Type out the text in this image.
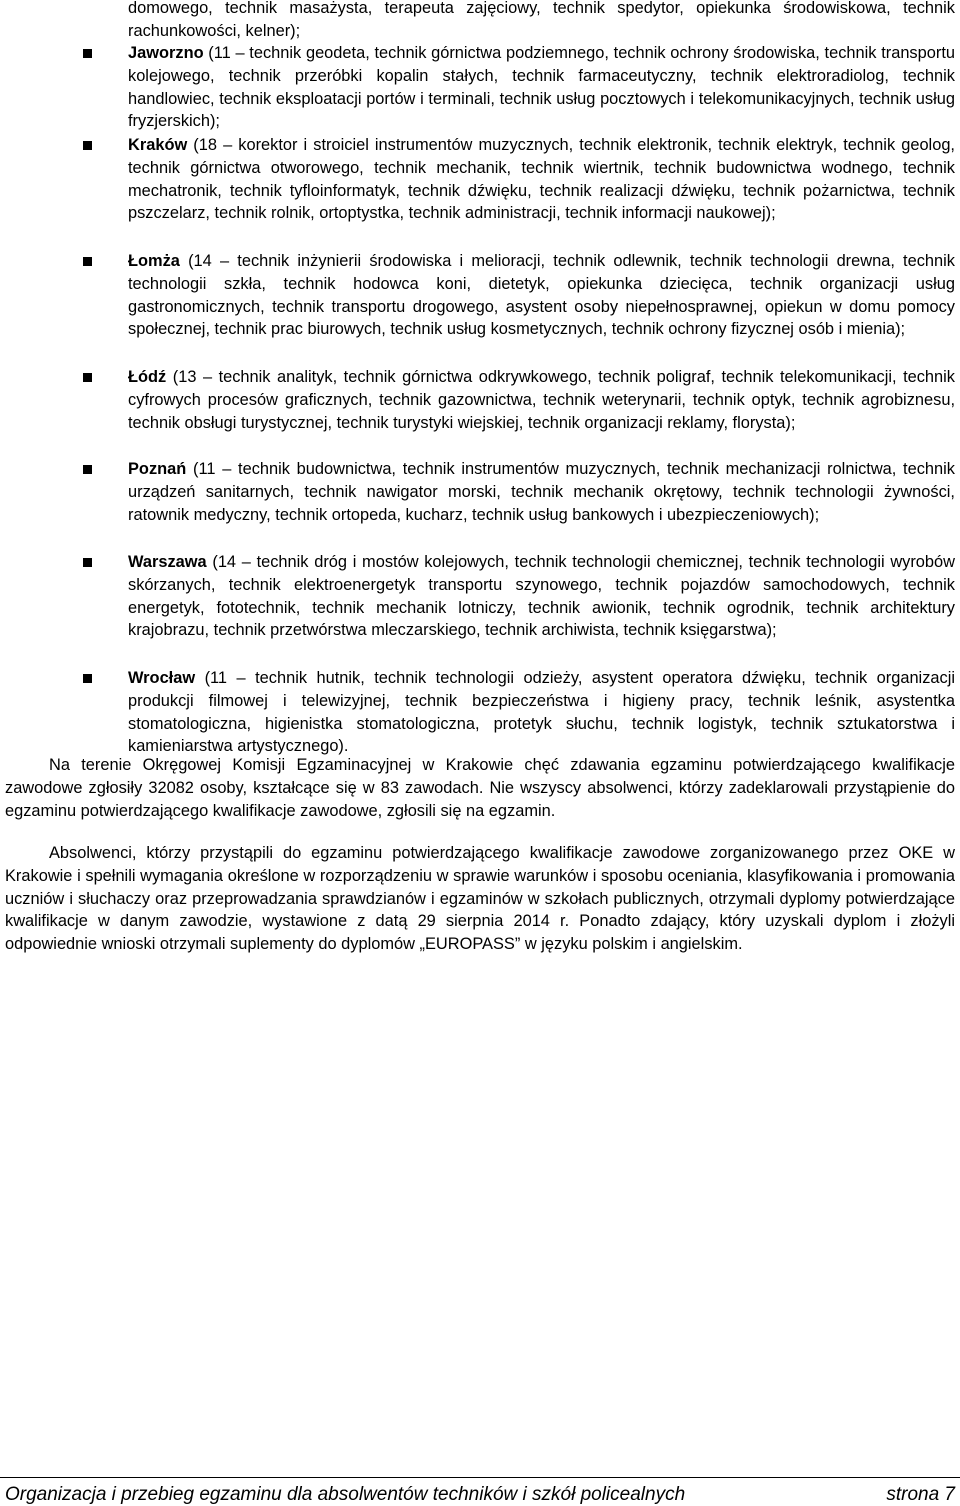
domowego, technik masażysta, terapeuta zajęciowy, technik spedytor, opiekunka środowiskowa, technik rachunkowości, kelner);
Jaworzno (11 – technik geodeta, technik górnictwa podziemnego, technik ochrony środowiska, technik transportu kolejowego, technik przeróbki kopalin stałych, technik farmaceutyczny, technik elektroradiolog, technik handlowiec, technik eksploatacji portów i terminali, technik usług pocztowych i telekomunikacyjnych, technik usług fryzjerskich);
Kraków (18 – korektor i stroiciel instrumentów muzycznych, technik elektronik, technik elektryk, technik geolog, technik górnictwa otworowego, technik mechanik, technik wiertnik, technik budownictwa wodnego, technik mechatronik, technik tyfloinformatyk, technik dźwięku, technik realizacji dźwięku, technik pożarnictwa, technik pszczelarz, technik rolnik, ortoptystka, technik administracji, technik informacji naukowej);
Łomża (14 – technik inżynierii środowiska i melioracji, technik odlewnik, technik technologii drewna, technik technologii szkła, technik hodowca koni, dietetyk, opiekunka dziecięca, technik organizacji usług gastronomicznych, technik transportu drogowego, asystent osoby niepełnosprawnej, opiekun w domu pomocy społecznej, technik prac biurowych, technik usług kosmetycznych, technik ochrony fizycznej osób i mienia);
Łódź (13 – technik analityk, technik górnictwa odkrywkowego, technik poligraf, technik telekomunikacji, technik cyfrowych procesów graficznych, technik gazownictwa, technik weterynarii, technik optyk, technik agrobiznesu, technik obsługi turystycznej, technik turystyki wiejskiej, technik organizacji reklamy, florysta);
Poznań (11 – technik budownictwa, technik instrumentów muzycznych, technik mechanizacji rolnictwa, technik urządzeń sanitarnych, technik nawigator morski, technik mechanik okrętowy, technik technologii żywności, ratownik medyczny, technik ortopeda, kucharz, technik usług bankowych i ubezpieczeniowych);
Warszawa (14 – technik dróg i mostów kolejowych, technik technologii chemicznej, technik technologii wyrobów skórzanych, technik elektroenergetyk transportu szynowego, technik pojazdów samochodowych, technik energetyk, fototechnik, technik mechanik lotniczy, technik awionik, technik ogrodnik, technik architektury krajobrazu, technik przetwórstwa mleczarskiego, technik archiwista, technik księgarstwa);
Wrocław (11 – technik hutnik, technik technologii odzieży, asystent operatora dźwięku, technik organizacji produkcji filmowej i telewizyjnej, technik bezpieczeństwa i higieny pracy, technik leśnik, asystentka stomatologiczna, higienistka stomatologiczna, protetyk słuchu, technik logistyk, technik sztukatorstwa i kamieniarstwa artystycznego).

Na terenie Okręgowej Komisji Egzaminacyjnej w Krakowie chęć zdawania egzaminu potwierdzającego kwalifikacje zawodowe zgłosiły 32082 osoby, kształcące się w 83 zawodach. Nie wszyscy absolwenci, którzy zadeklarowali przystąpienie do egzaminu potwierdzającego kwalifikacje zawodowe, zgłosili się na egzamin.

Absolwenci, którzy przystąpili do egzaminu potwierdzającego kwalifikacje zawodowe zorganizowanego przez OKE w Krakowie i spełnili wymagania określone w rozporządzeniu w sprawie warunków i sposobu oceniania, klasyfikowania i promowania uczniów i słuchaczy oraz przeprowadzania sprawdzianów i egzaminów w szkołach publicznych, otrzymali dyplomy potwierdzające kwalifikacje w danym zawodzie, wystawione z datą 29 sierpnia 2014 r. Ponadto zdający, który uzyskali dyplom i złożyli odpowiednie wnioski otrzymali suplementy do dyplomów „EUROPASS” w języku polskim i angielskim.

Organizacja i przebieg egzaminu dla absolwentów techników i szkół policealnych	strona 7
